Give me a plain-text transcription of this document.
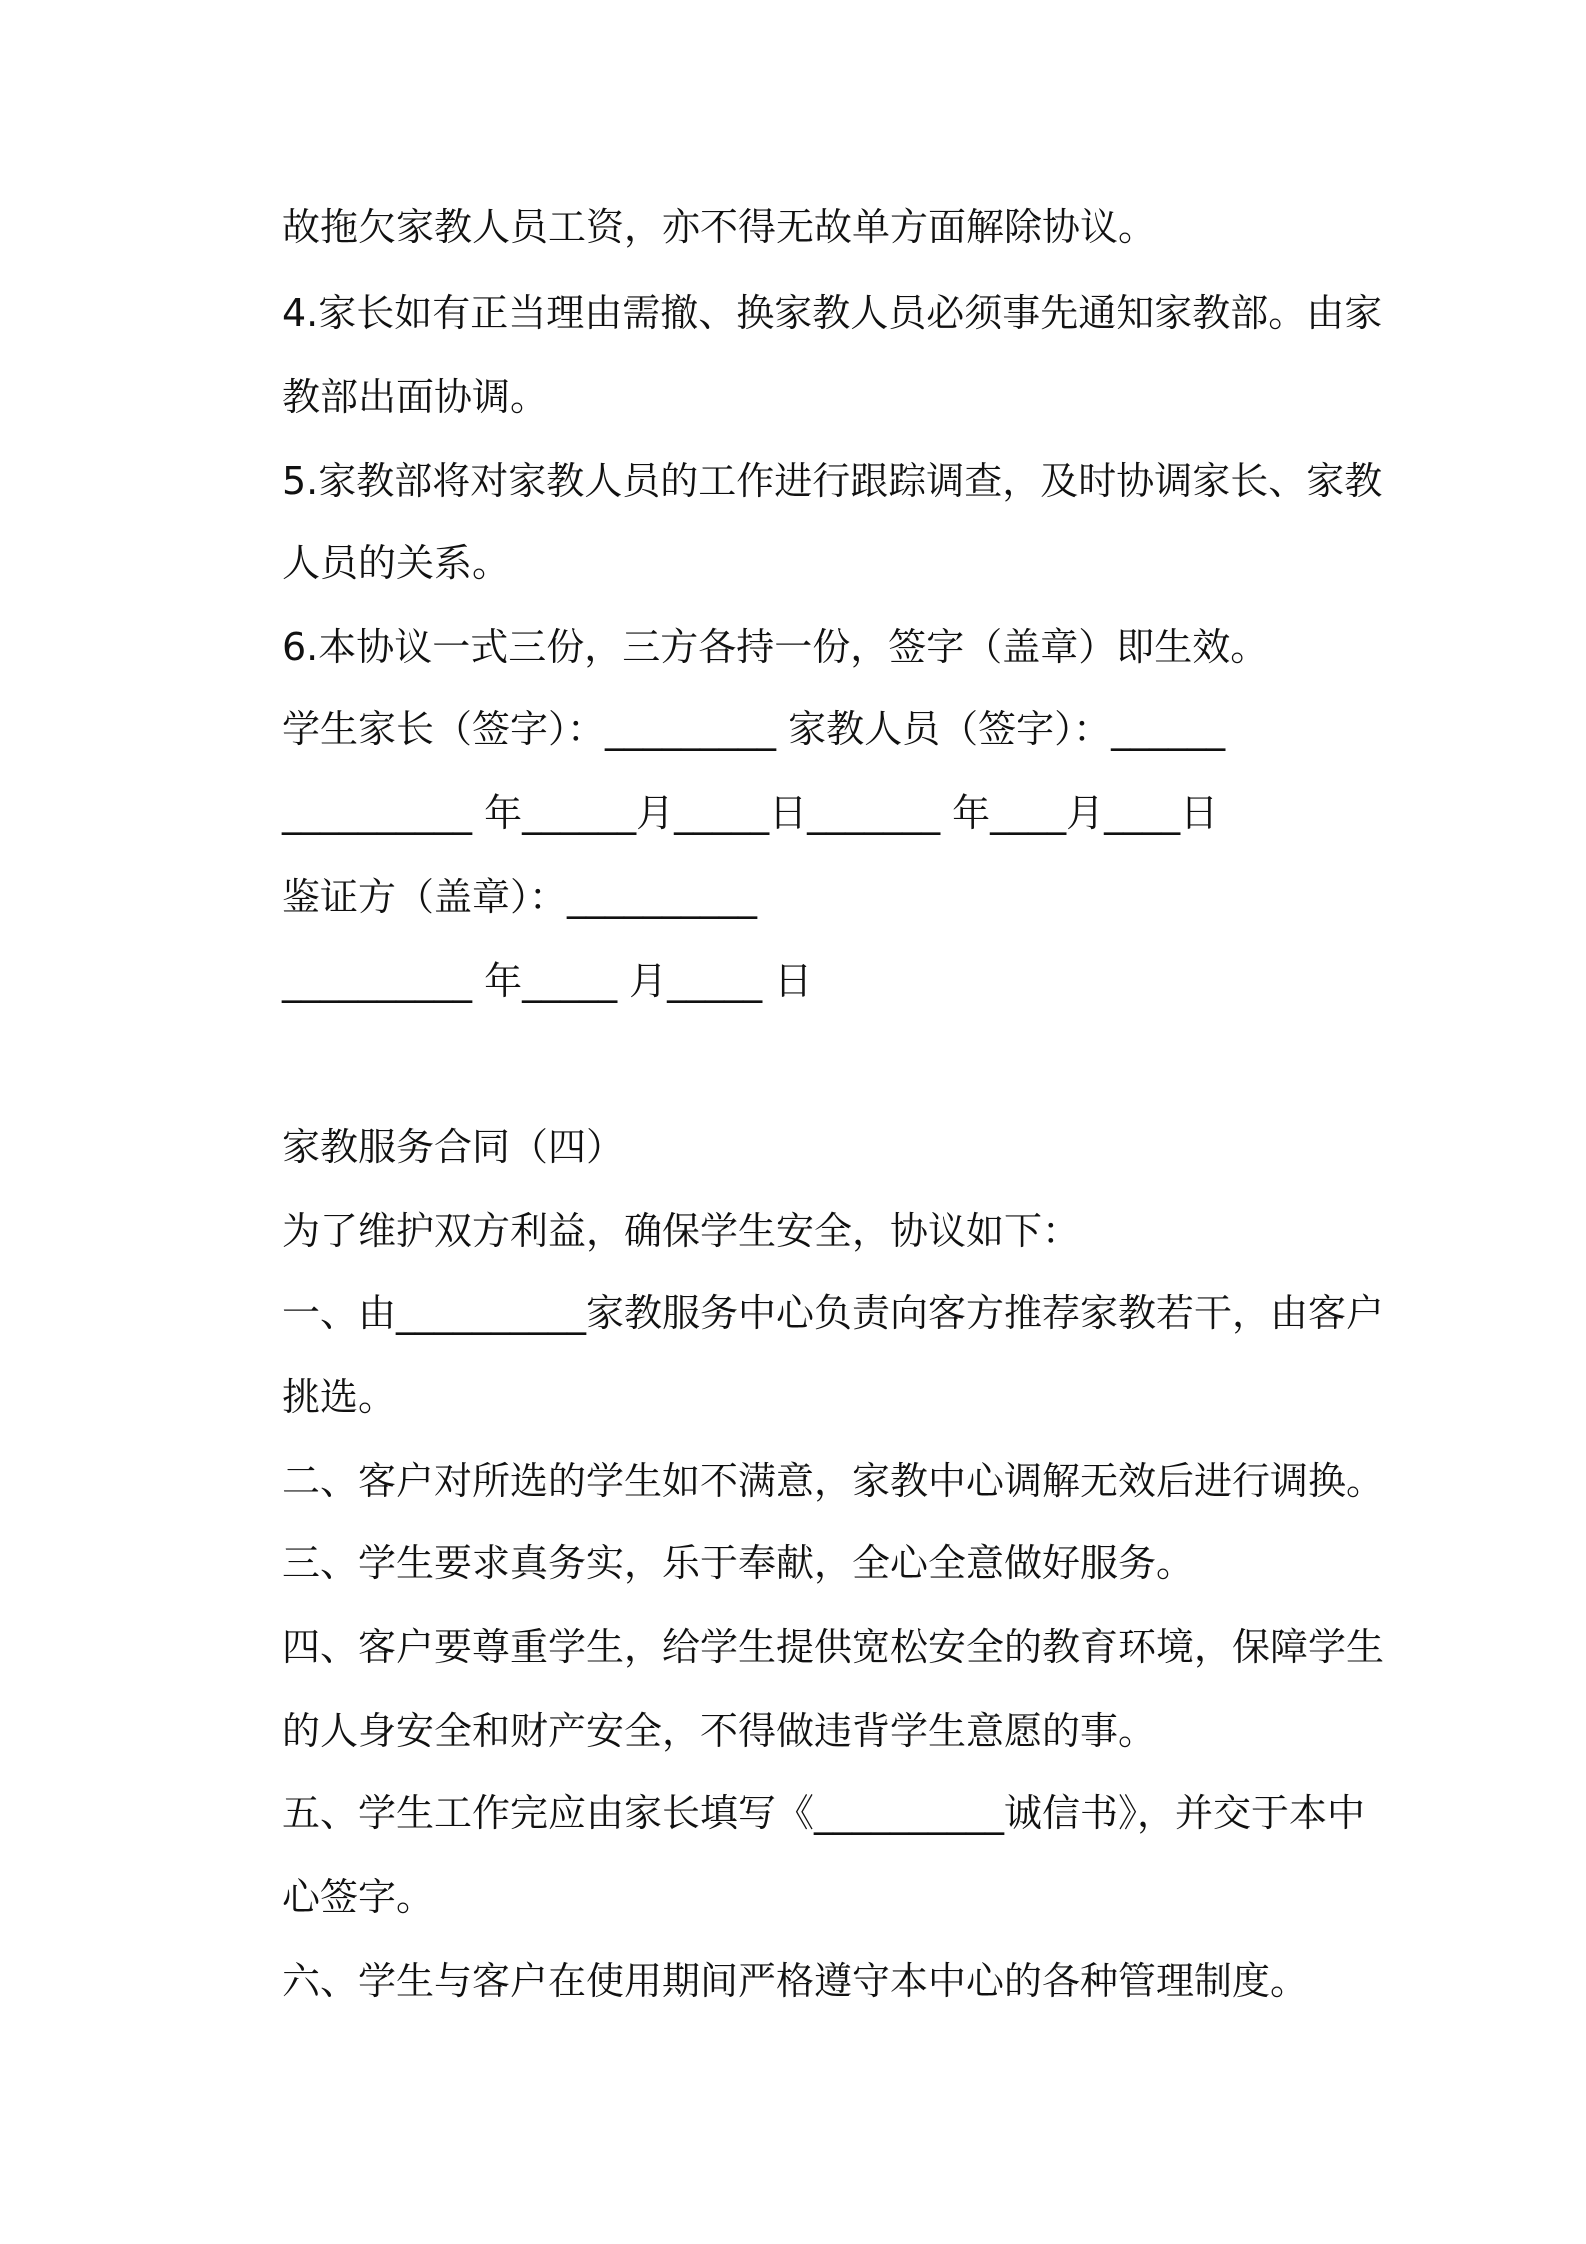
故拖欠家教人员工资，亦不得无故单方面解除协议。
4.家长如有正当理由需撤、换家教人员必须事先通知家教部。由家
教部出面协调。
5.家教部将对家教人员的工作进行跟踪调查，及时协调家长、家教
人员的关系。
6.本协议一式三份，三方各持一份，签字（盖章）即生效。
学生家长（签字）：_________ 家教人员（签字）：______
__________ 年______月_____日_______ 年____月____日
鉴证方（盖章）：__________
__________ 年_____ 月_____ 日
家教服务合同（四）
为了维护双方利益，确保学生安全，协议如下：
一、由__________家教服务中心负责向客方推荐家教若干，由客户
挑选。
二、客户对所选的学生如不满意，家教中心调解无效后进行调换。
三、学生要求真务实，乐于奉献，全心全意做好服务。
四、客户要尊重学生，给学生提供宽松安全的教育环境，保障学生
的人身安全和财产安全，不得做违背学生意愿的事。
五、学生工作完应由家长填写《__________诚信书》，并交于本中
心签字。
六、学生与客户在使用期间严格遵守本中心的各种管理制度。
